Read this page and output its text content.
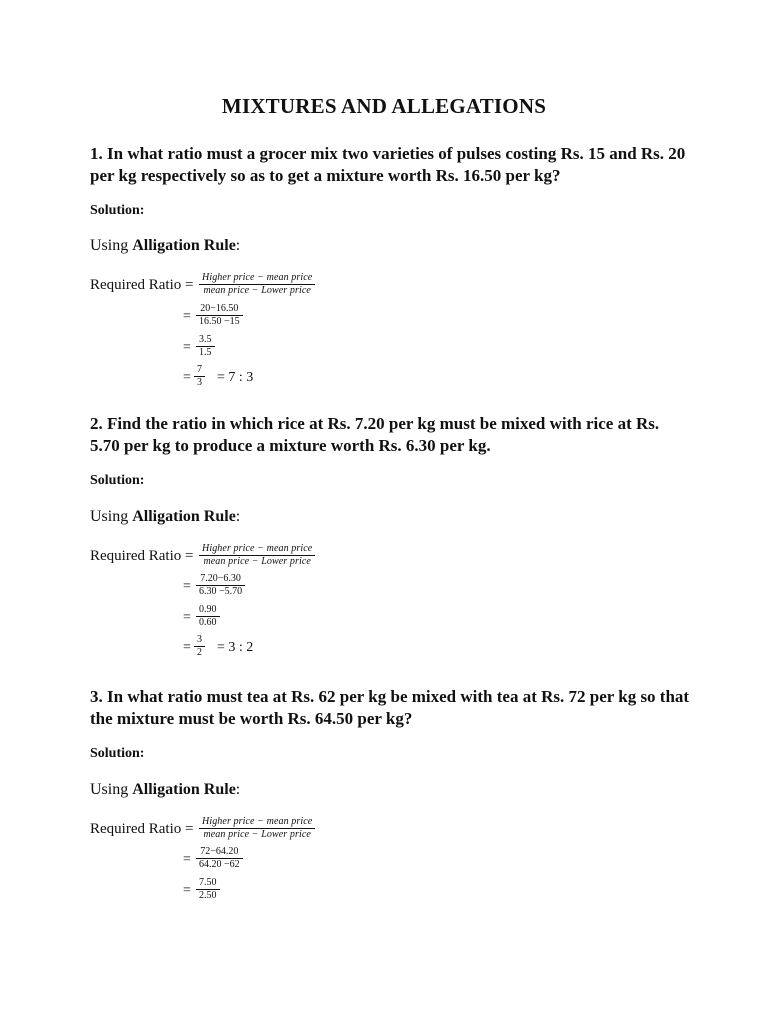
MIXTURES AND ALLEGATIONS
1. In what ratio must a grocer mix two varieties of pulses costing Rs. 15 and Rs. 20 per kg respectively so as to get a mixture worth Rs. 16.50 per kg?
Solution:
Using Alligation Rule:
Required Ratio = Higher price − mean price
mean price − Lower price
= $\frac{20-16.50}{16.50 -15}$
= $\frac{3.5}{1.5}$
= $\frac{7}{3} = 7$ : 3
2. Find the ratio in which rice at Rs. 7.20 per kg must be mixed with rice at Rs. 5.70 per kg to produce a mixture worth Rs. 6.30 per kg.
Solution:
Using Alligation Rule:
Required Ratio = Higher price − mean price
mean price − Lower price
= $\frac{7.20-6.30}{6.30 -5.70}$
= $\frac{0.90}{0.60}$
= $\frac{3}{2} = 3$ : 2
3. In what ratio must tea at Rs. 62 per kg be mixed with tea at Rs. 72 per kg so that the mixture must be worth Rs. 64.50 per kg?
Solution:
Using Alligation Rule:
Required Ratio = Higher price − mean price
mean price − Lower price
= $\frac{72-64.20}{64.20 -62}$
= $\frac{7.50}{2.50}$
